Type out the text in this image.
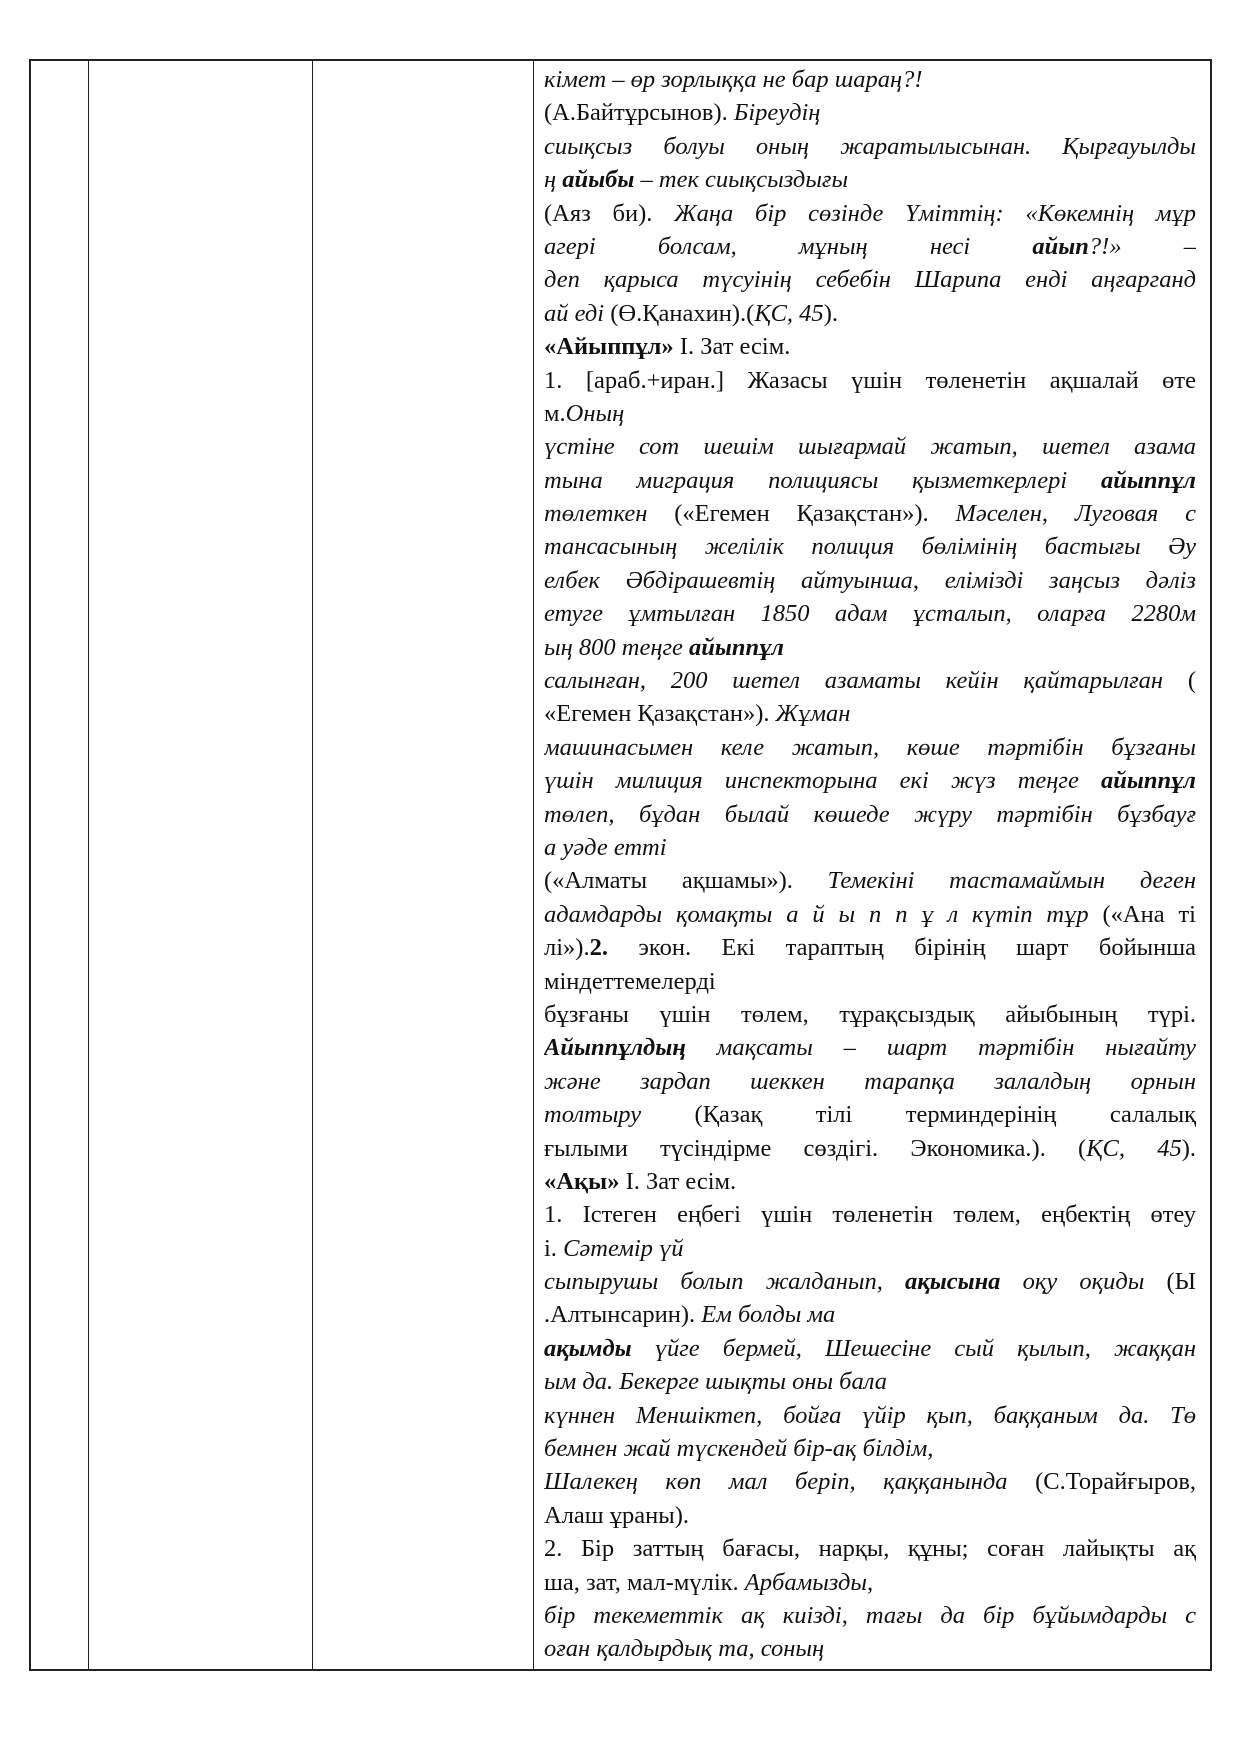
кімет – өр зорлыққа не бар шараң?!
(А.Байтұрсынов). Біреудің
сиықсыз болуы оның жаратылысынан. Қырғауылды
ң айыбы – тек сиықсыздығы
(Аяз би). Жаңа бір сөзінде Үміттің: «Көкемнің мұр
агері болсам, мұның несі айып?!» –
деп қарыса түсуінің себебін Шарипа енді аңғарганд
ай еді (Ө.Қанахин).(ҚС, 45).
«Айыппұл» І. Зат есім.
1. [араб.+иран.] Жазасы үшін төленетін ақшалай өте
м.Оның
үстіне сот шешім шығармай жатып, шетел азама
тына миграция полициясы қызметкерлері айыппұл
төлеткен («Егемен Қазақстан»). Мәселен, Луговая с
тансасының желілік полиция бөлімінің бастығы Әу
елбек Әбдірашевтің айтуынша, елімізді заңсыз дәліз
етуге ұмтылған 1850 адам ұсталып, оларға 2280м
ың 800 теңге айыппұл
салынған, 200 шетел азаматы кейін қайтарылған (
«Егемен Қазақстан»). Жұман
машинасымен келе жатып, көше тәртібін бұзғаны
үшін милиция инспекторына екі жүз теңге айыппұл
төлеп, бұдан былай көшеде жүру тәртібін бұзбауғ
а уәде етті
(«Алматы ақшамы»). Темекіні тастамаймын деген
адамдарды қомақты а й ы п п ұ л күтіп тұр («Ана ті
лі»).2. экон. Екі тараптың бірінің шарт бойынша
міндеттемелерді
бұзғаны үшін төлем, тұрақсыздық айыбының түрі.
Айыппұлдың мақсаты – шарт тәртібін нығайту
және зардап шеккен тарапқа залалдың орнын
толтыру (Қазақ тілі терминдерінің салалық
ғылыми түсіндірме сөздігі. Экономика.). (ҚС, 45).
«Ақы» І. Зат есім.
1. Істеген еңбегі үшін төленетін төлем, еңбектің өтеу
і. Сәтемір үй
сыпырушы болып жалданып, ақысына оқу оқиды (Ы
.Алтынсарин). Ем болды ма
ақымды үйге бермей, Шешесіне сый қылып, жаққан
ым да. Бекерге шықты оны бала
күннен Меншіктеп, бойға үйір қып, баққаным да. Тө
бемнен жай түскендей бір-ақ білдім,
Шалекең көп мал беріп, қаққанында (С.Торайғыров,
Алаш ұраны).
2. Бір заттың бағасы, нарқы, құны; соған лайықты ақ
ша, зат, мал-мүлік. Арбамызды,
бір текеметтік ақ киізді, тағы да бір бұйымдарды с
оған қалдырдық та, соның
